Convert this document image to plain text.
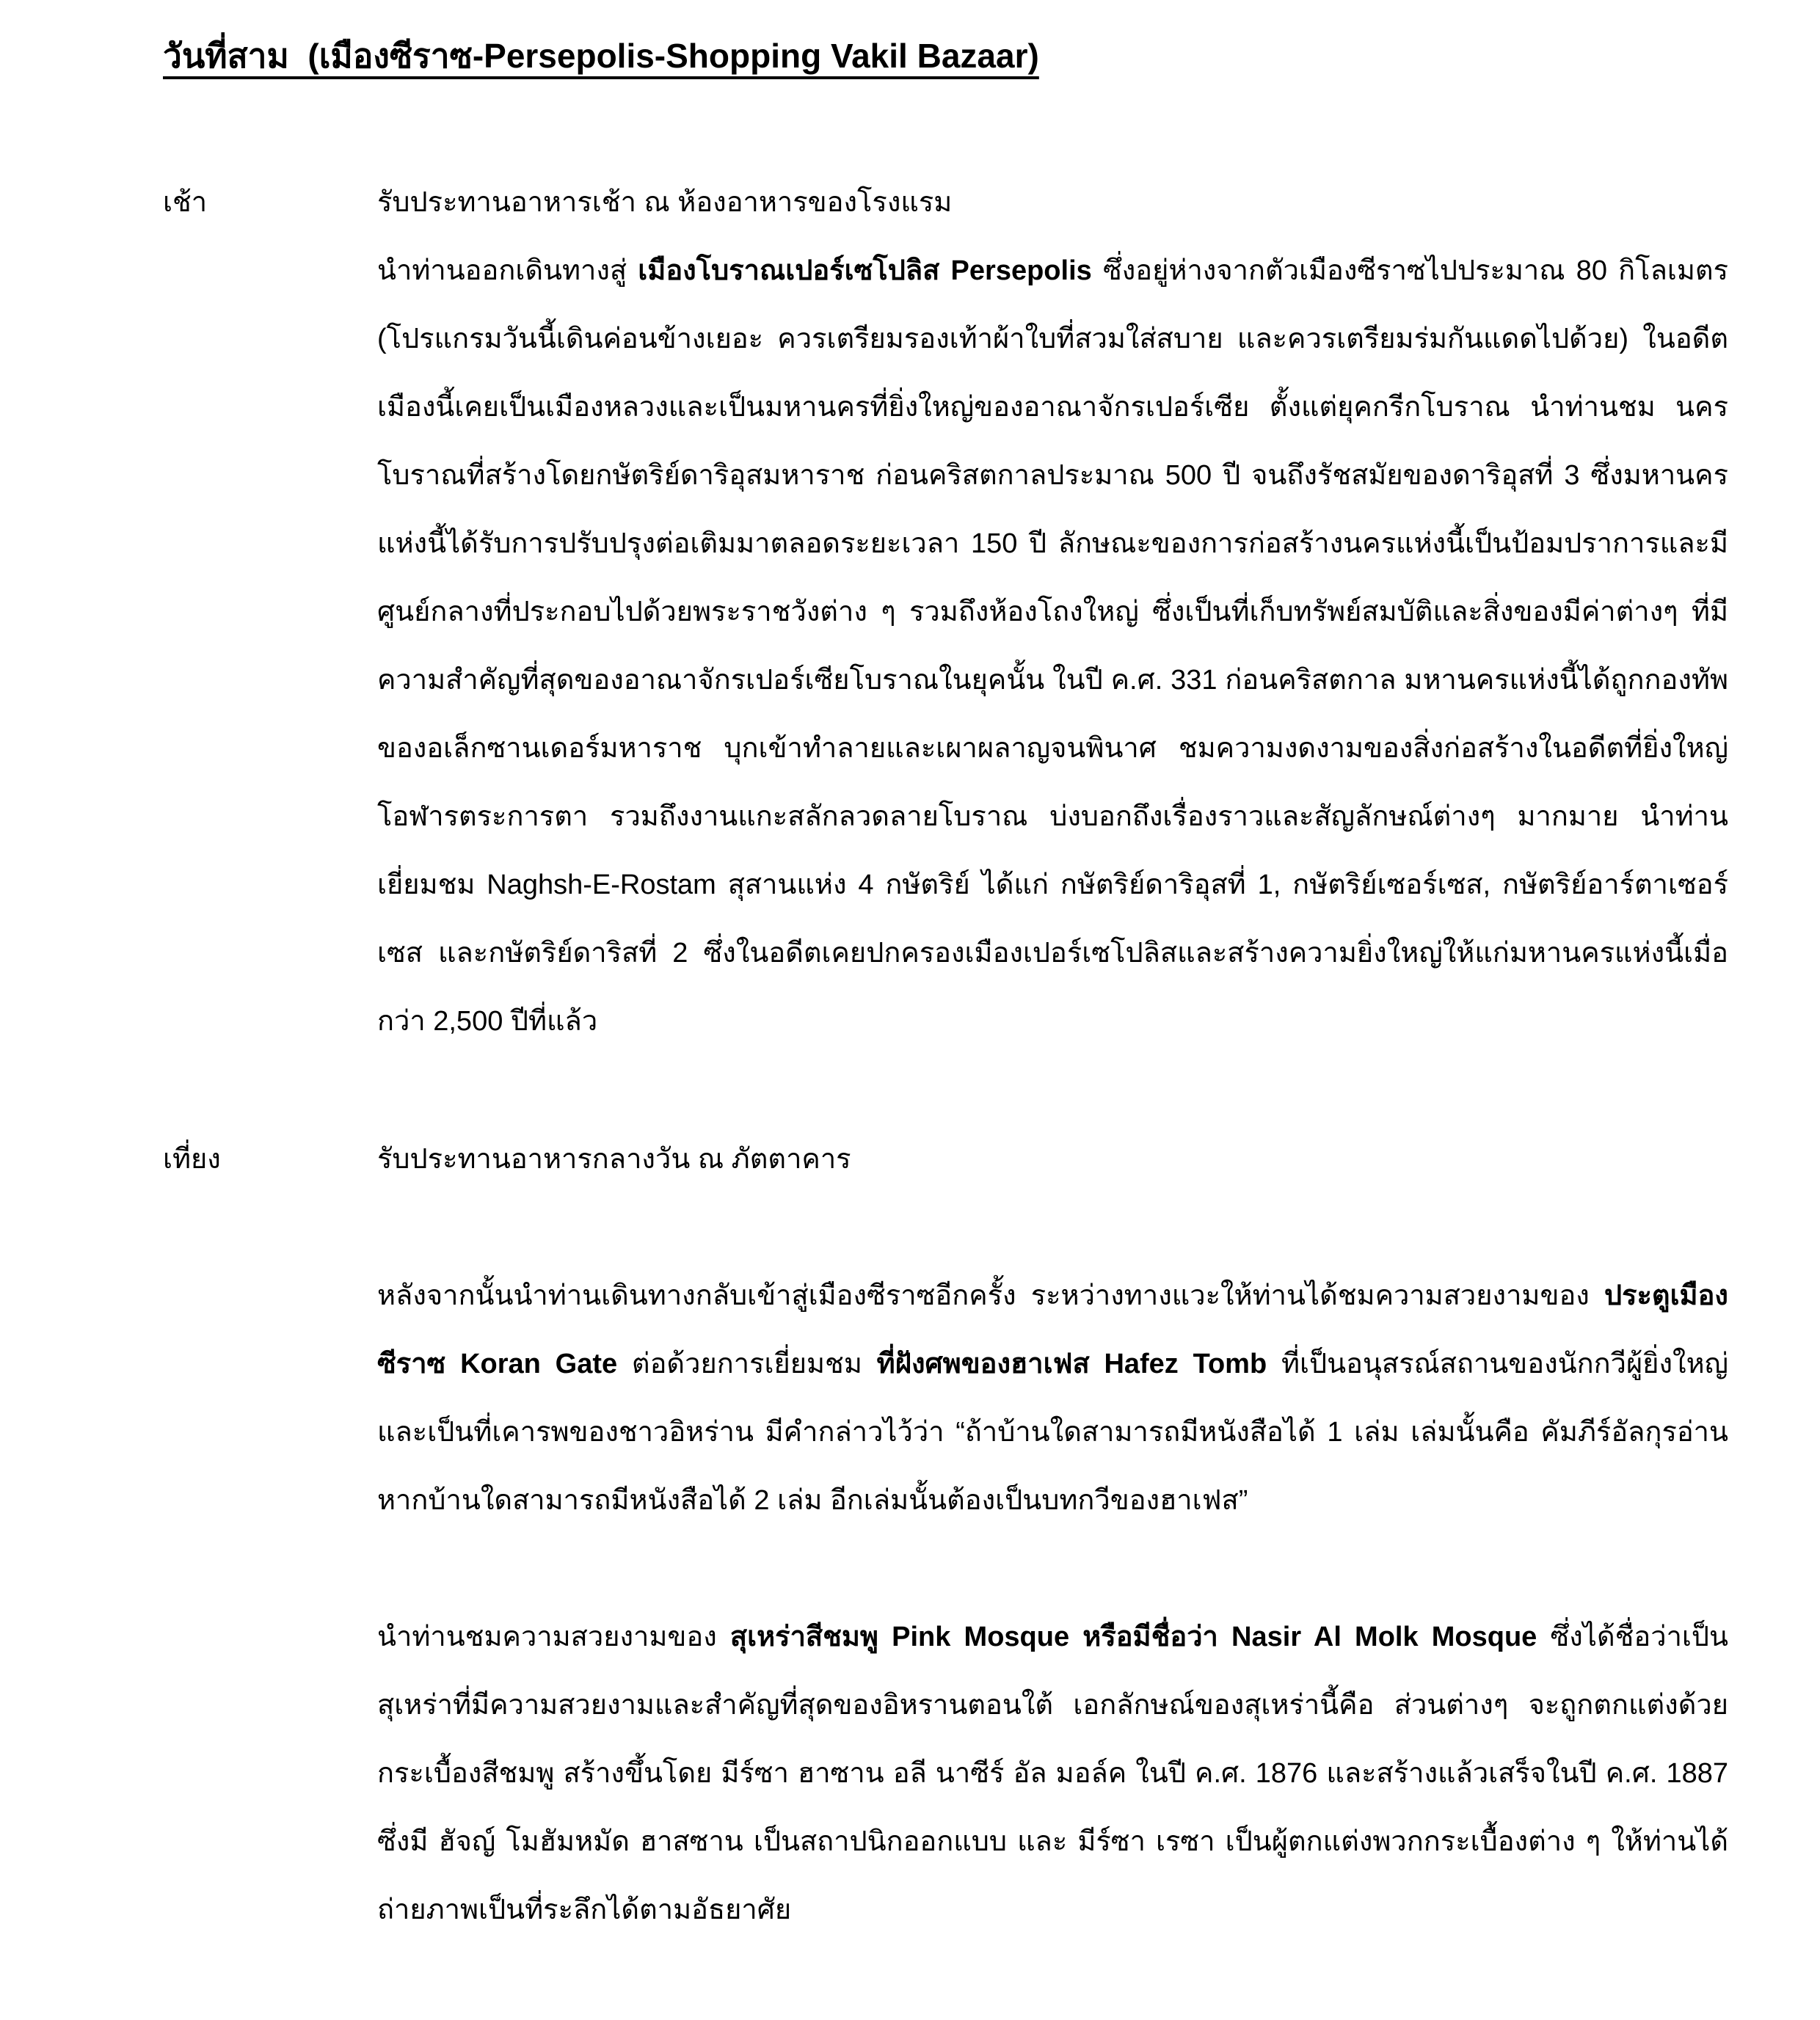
วันที่สาม  (เมืองซีราซ-Persepolis-Shopping Vakil Bazaar)
เช้า	รับประทานอาหารเช้า ณ ห้องอาหารของโรงแรม

นำท่านออกเดินทางสู่ เมืองโบราณเปอร์เซโปลิส Persepolis ซึ่งอยู่ห่างจากตัวเมืองซีราซไปประมาณ 80 กิโลเมตร (โปรแกรมวันนี้เดินค่อนข้างเยอะ ควรเตรียมรองเท้าผ้าใบที่สวมใส่สบาย และควรเตรียมร่มกันแดดไปด้วย) ในอดีตเมืองนี้เคยเป็นเมืองหลวงและเป็นมหานครที่ยิ่งใหญ่ของอาณาจักรเปอร์เซีย ตั้งแต่ยุคกรีกโบราณ นำท่านชม นครโบราณที่สร้างโดยกษัตริย์ดาริอุสมหาราช ก่อนคริสตกาลประมาณ 500 ปี จนถึงรัชสมัยของดาริอุสที่ 3 ซึ่งมหานครแห่งนี้ได้รับการปรับปรุงต่อเติมมาตลอดระยะเวลา 150 ปี ลักษณะของการก่อสร้างนครแห่งนี้เป็นป้อมปราการและมีศูนย์กลางที่ประกอบไปด้วยพระราชวังต่าง ๆ รวมถึงห้องโถงใหญ่ ซึ่งเป็นที่เก็บทรัพย์สมบัติและสิ่งของมีค่าต่างๆ ที่มีความสำคัญที่สุดของอาณาจักรเปอร์เซียโบราณในยุคนั้น ในปี ค.ศ. 331 ก่อนคริสตกาล มหานครแห่งนี้ได้ถูกกองทัพของอเล็กซานเดอร์มหาราช บุกเข้าทำลายและเผาผลาญจนพินาศ ชมความงดงามของสิ่งก่อสร้างในอดีตที่ยิ่งใหญ่โอฬารตระการตา รวมถึงงานแกะสลักลวดลายโบราณ บ่งบอกถึงเรื่องราวและสัญลักษณ์ต่างๆ มากมาย นำท่านเยี่ยมชม Naghsh-E-Rostam สุสานแห่ง 4 กษัตริย์ ได้แก่ กษัตริย์ดาริอุสที่ 1, กษัตริย์เซอร์เซส, กษัตริย์อาร์ตาเซอร์เซส และกษัตริย์ดาริสที่ 2 ซึ่งในอดีตเคยปกครองเมืองเปอร์เซโปลิสและสร้างความยิ่งใหญ่ให้แก่มหานครแห่งนี้เมื่อกว่า 2,500 ปีที่แล้ว

เที่ยง	รับประทานอาหารกลางวัน ณ ภัตตาคาร

หลังจากนั้นนำท่านเดินทางกลับเข้าสู่เมืองซีราซอีกครั้ง ระหว่างทางแวะให้ท่านได้ชมความสวยงามของ ประตูเมืองซีราซ Koran Gate ต่อด้วยการเยี่ยมชม ที่ฝังศพของฮาเฟส Hafez Tomb ที่เป็นอนุสรณ์สถานของนักกวีผู้ยิ่งใหญ่ และเป็นที่เคารพของชาวอิหร่าน มีคำกล่าวไว้ว่า “ถ้าบ้านใดสามารถมีหนังสือได้ 1 เล่ม เล่มนั้นคือ คัมภีร์อัลกุรอ่าน หากบ้านใดสามารถมีหนังสือได้ 2 เล่ม อีกเล่มนั้นต้องเป็นบทกวีของฮาเฟส”

นำท่านชมความสวยงามของ สุเหร่าสีชมพู Pink Mosque หรือมีชื่อว่า Nasir Al Molk Mosque ซึ่งได้ชื่อว่าเป็นสุเหร่าที่มีความสวยงามและสำคัญที่สุดของอิหรานตอนใต้ เอกลักษณ์ของสุเหร่านี้คือ ส่วนต่างๆ จะถูกตกแต่งด้วยกระเบื้องสีชมพู สร้างขึ้นโดย มีร์ซา ฮาซาน อลี นาซีร์ อัล มอล์ค ในปี ค.ศ. 1876 และสร้างแล้วเสร็จในปี ค.ศ. 1887 ซึ่งมี ฮัจญ์ โมฮัมหมัด ฮาสซาน เป็นสถาปนิกออกแบบ และ มีร์ซา เรซา เป็นผู้ตกแต่งพวกกระเบื้องต่าง ๆ ให้ท่านได้ถ่ายภาพเป็นที่ระลึกได้ตามอัธยาศัย
